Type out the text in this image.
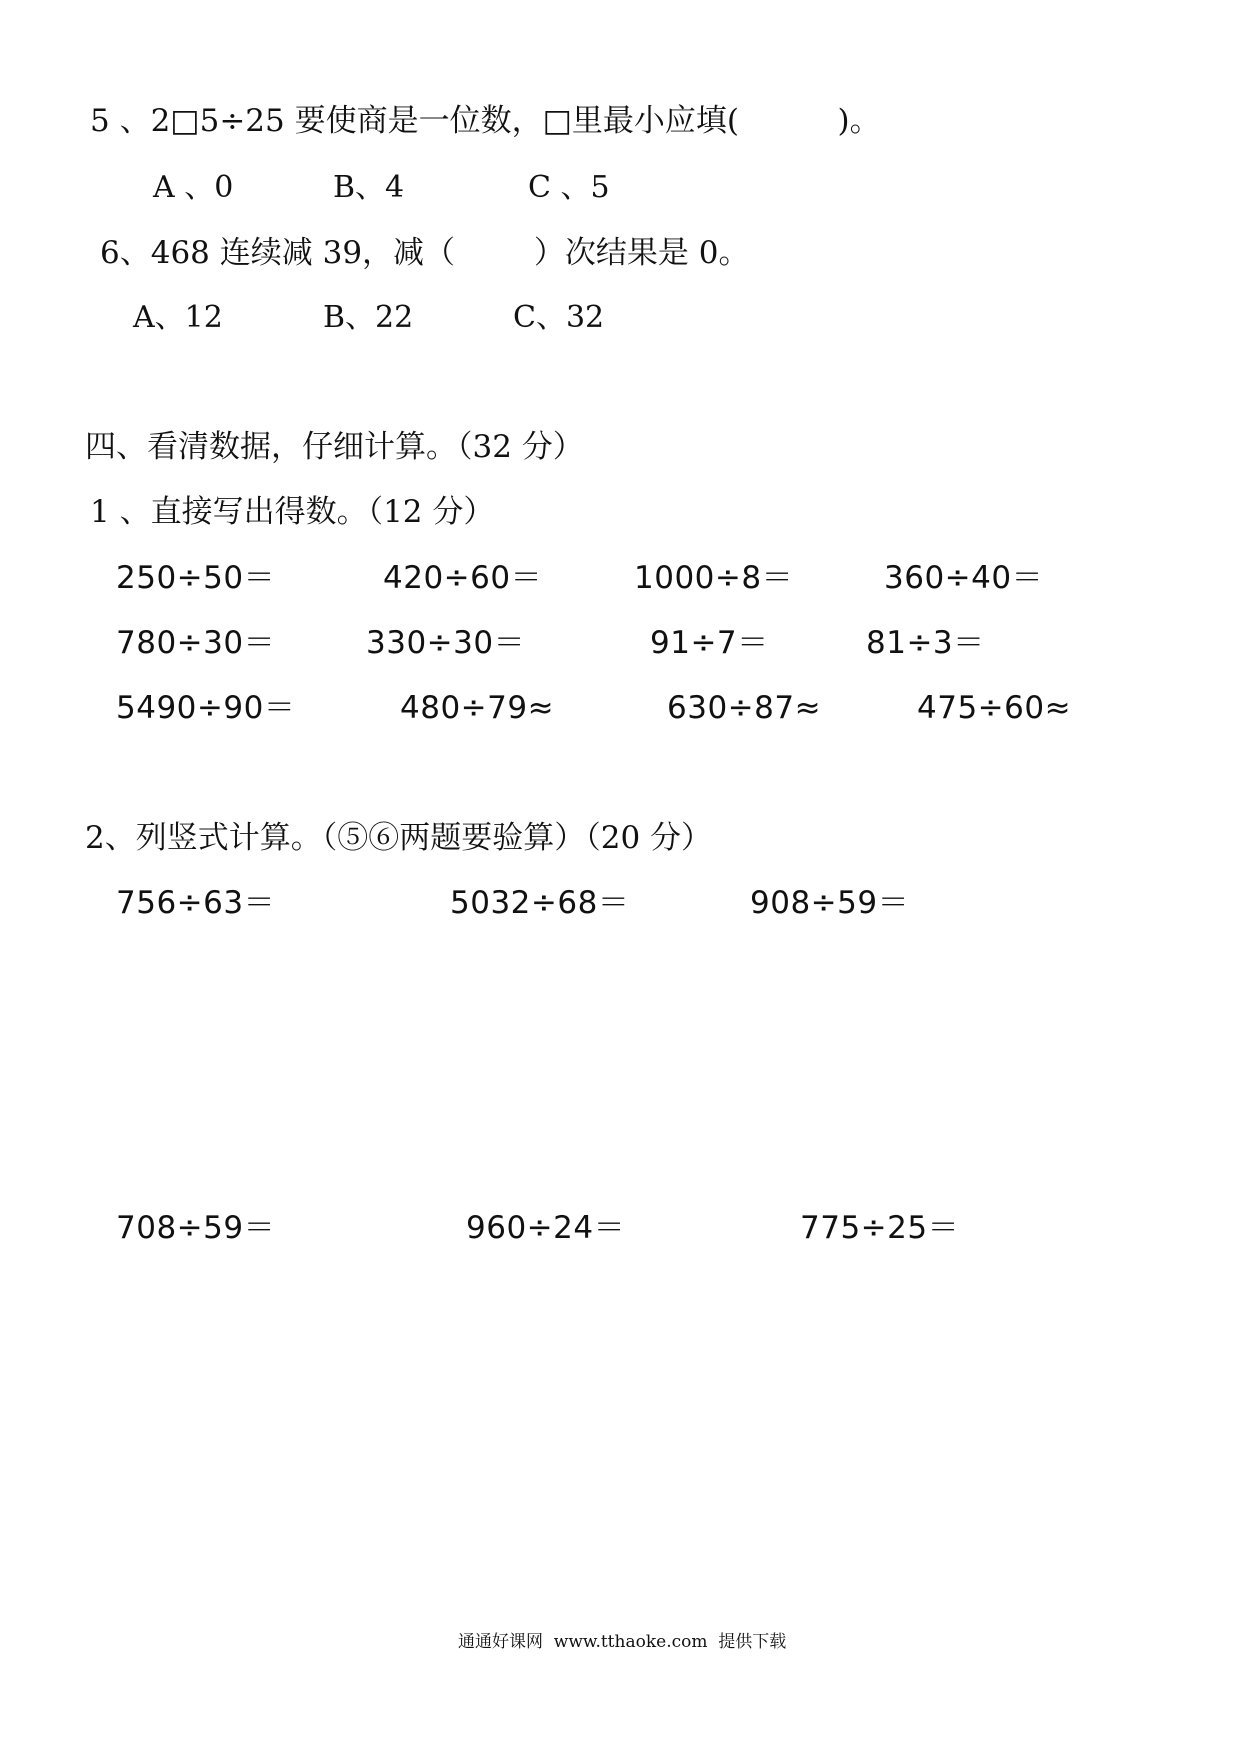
5 、2□5÷25 要使商是一位数，□里最小应填(          )。
A 、0	B、4	C 、5
6、468 连续减 39，减（        ）次结果是 0。
A、12	B、22	C、32
四、看清数据，仔细计算。（32 分）
1 、直接写出得数。（12 分）
250÷50＝	420÷60＝	1000÷8＝	360÷40＝
780÷30＝	330÷30＝	91÷7＝	81÷3＝
5490÷90＝	480÷79≈	630÷87≈	475÷60≈
2、列竖式计算。（⑤⑥两题要验算）（20 分）
756÷63＝	5032÷68＝	908÷59＝
708÷59＝	960÷24＝	775÷25＝
通通好课网  www.tthaoke.com  提供下载
